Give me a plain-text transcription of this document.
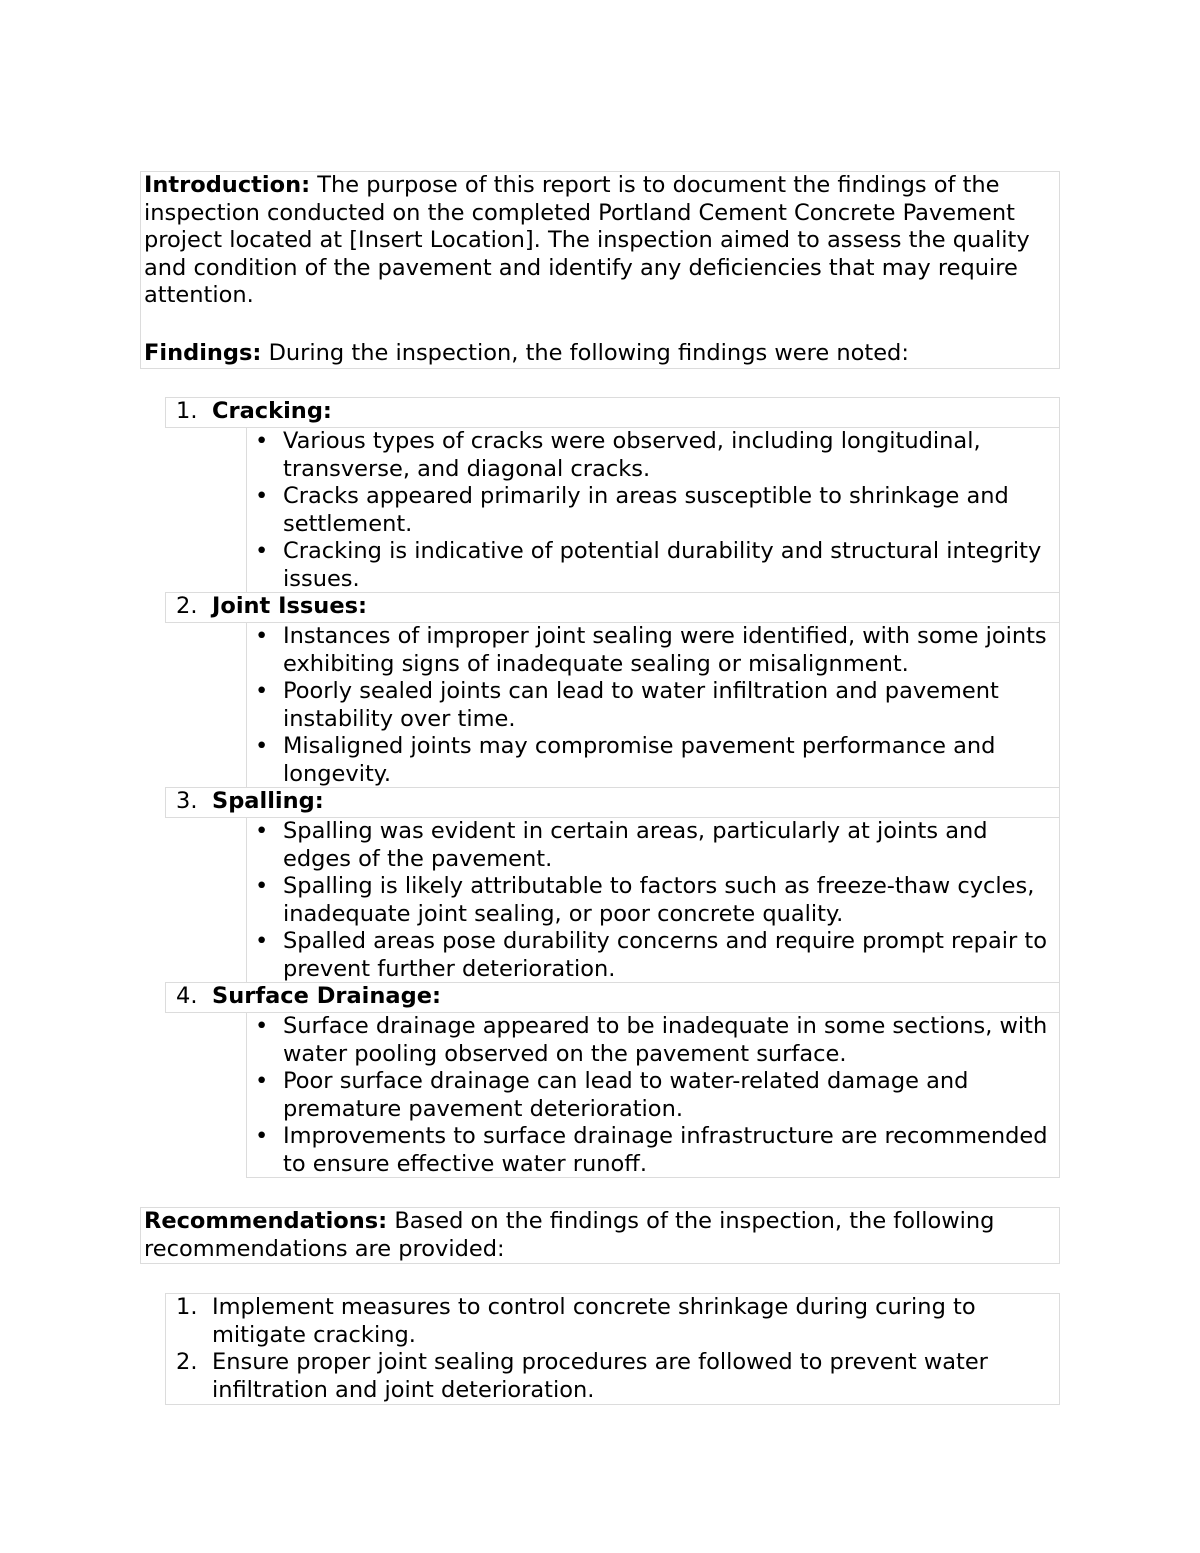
Introduction: The purpose of this report is to document the findings of the inspection conducted on the completed Portland Cement Concrete Pavement project located at [Insert Location]. The inspection aimed to assess the quality and condition of the pavement and identify any deficiencies that may require attention.

Findings: During the inspection, the following findings were noted:

1. Cracking:
• Various types of cracks were observed, including longitudinal, transverse, and diagonal cracks.
• Cracks appeared primarily in areas susceptible to shrinkage and settlement.
• Cracking is indicative of potential durability and structural integrity issues.
2. Joint Issues:
• Instances of improper joint sealing were identified, with some joints exhibiting signs of inadequate sealing or misalignment.
• Poorly sealed joints can lead to water infiltration and pavement instability over time.
• Misaligned joints may compromise pavement performance and longevity.
3. Spalling:
• Spalling was evident in certain areas, particularly at joints and edges of the pavement.
• Spalling is likely attributable to factors such as freeze-thaw cycles, inadequate joint sealing, or poor concrete quality.
• Spalled areas pose durability concerns and require prompt repair to prevent further deterioration.
4. Surface Drainage:
• Surface drainage appeared to be inadequate in some sections, with water pooling observed on the pavement surface.
• Poor surface drainage can lead to water-related damage and premature pavement deterioration.
• Improvements to surface drainage infrastructure are recommended to ensure effective water runoff.

Recommendations: Based on the findings of the inspection, the following recommendations are provided:

1. Implement measures to control concrete shrinkage during curing to mitigate cracking.
2. Ensure proper joint sealing procedures are followed to prevent water infiltration and joint deterioration.
